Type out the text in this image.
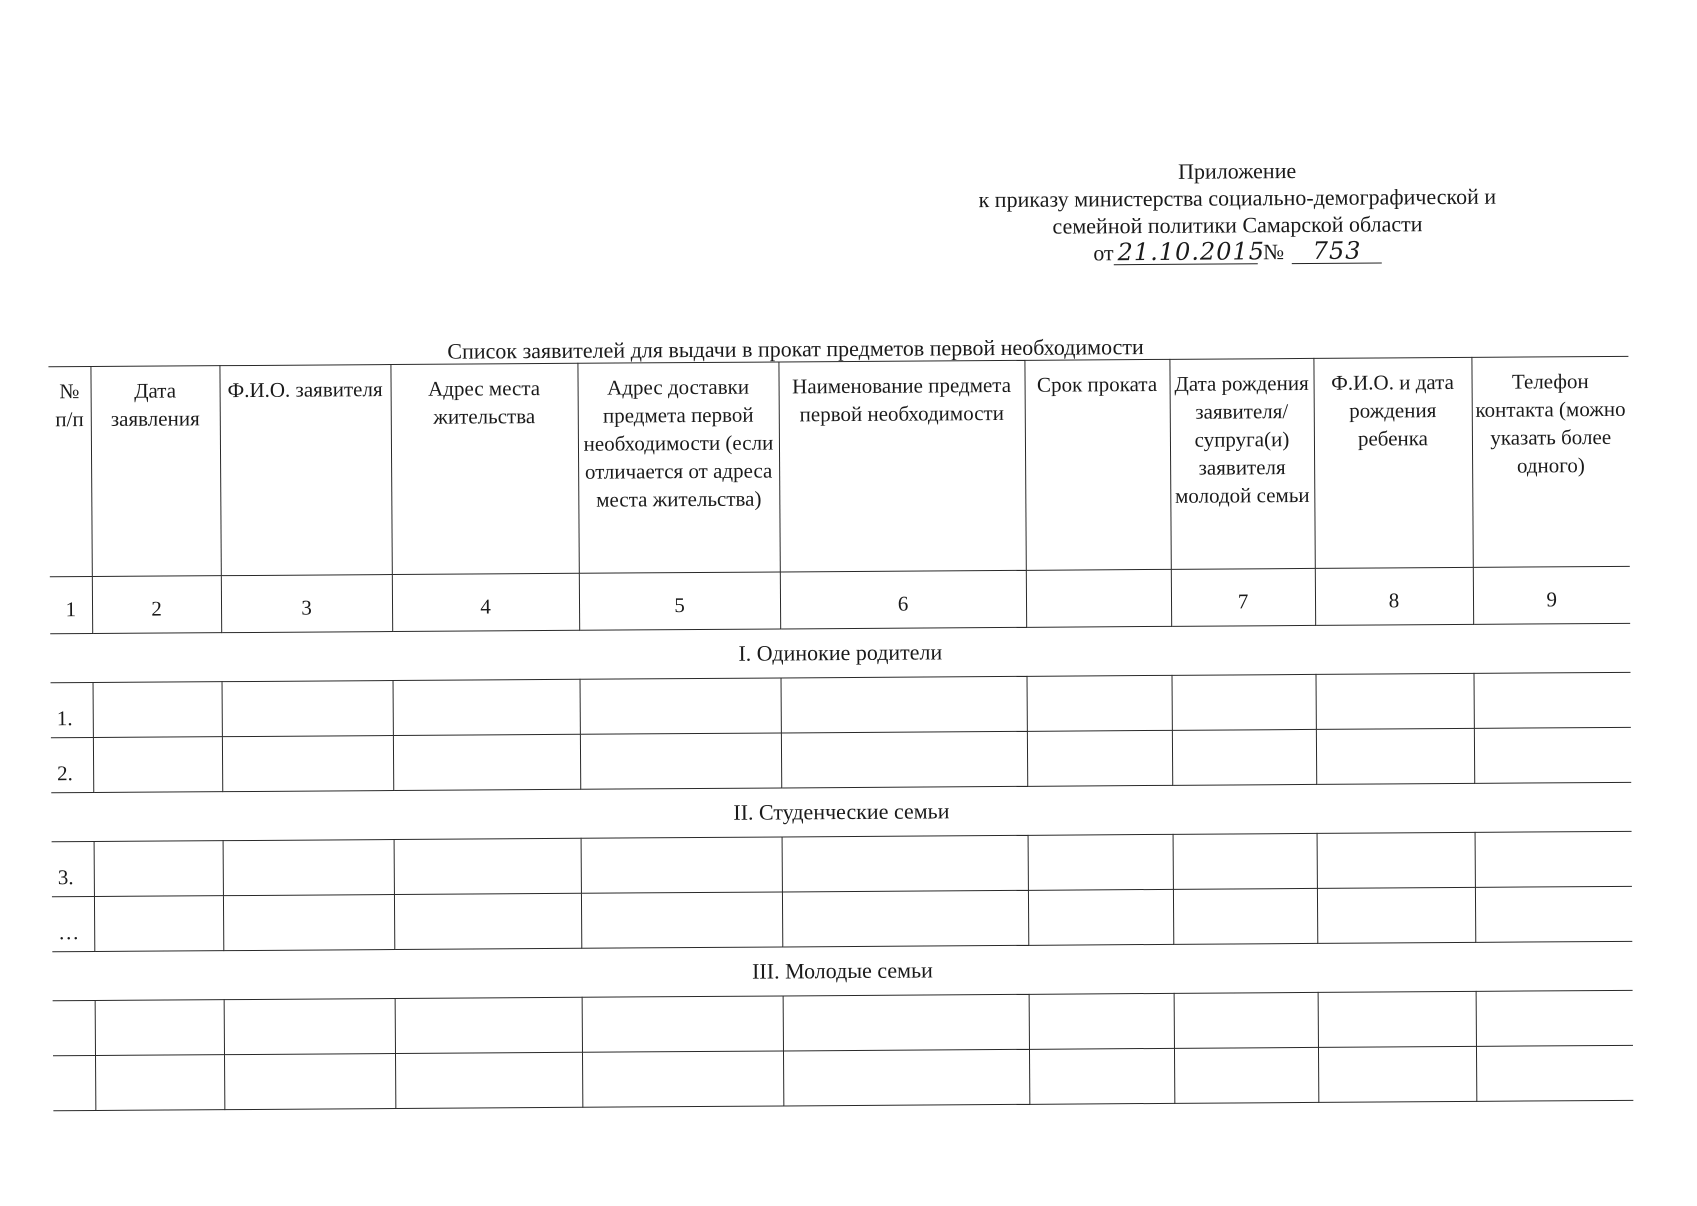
Приложение
к приказу министерства социально-демографической и
семейной политики Самарской области
от 21.10.2015 № 753
Список заявителей для выдачи в прокат предметов первой необходимости
№ п/п	Дата заявления	Ф.И.О. заявителя	Адрес места жительства	Адрес доставки предмета первой необходимости (если отличается от адреса места жительства)	Наименование предмета первой необходимости	Срок проката	Дата рождения заявителя/ супруга(и) заявителя молодой семьи	Ф.И.О. и дата рождения ребенка	Телефон контакта (можно указать более одного)
1	2	3	4	5	6		7	8	9
I. Одинокие родители									
1.									
2.									
II. Студенческие семьи									
3.									
…									
III. Молодые семьи									
